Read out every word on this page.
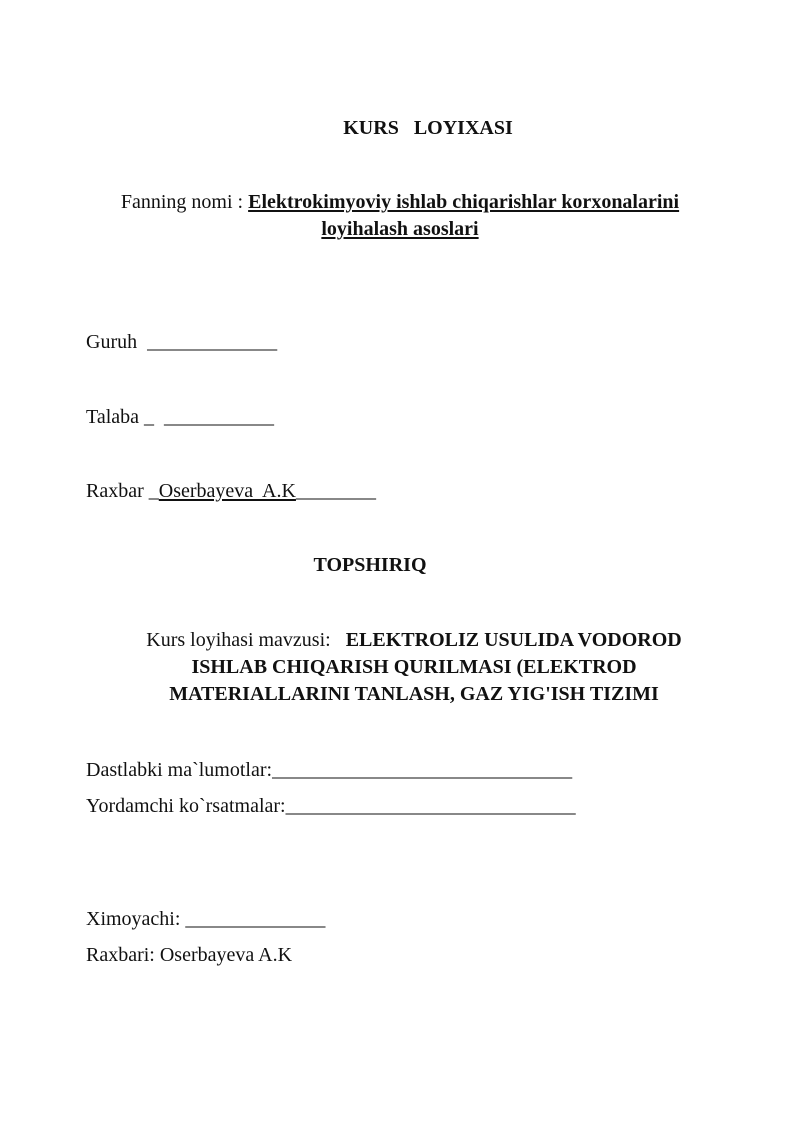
KURS   LOYIXASI
Fanning nomi : Elektrokimyoviy ishlab chiqarishlar korxonalarini
loyihalash asoslari
Guruh  _____________
Talaba _  ___________
Raxbar _Oserbayeva  A.K________
TOPSHIRIQ
Kurs loyihasi mavzusi:   ELEKTROLIZ USULIDA VODOROD
ISHLAB CHIQARISH QURILMASI (ELEKTROD
MATERIALLARINI TANLASH, GAZ YIG'ISH TIZIMI
Dastlabki ma`lumotlar:______________________________
Yordamchi ko`rsatmalar:_____________________________
Ximoyachi: ______________
Raxbari: Oserbayeva A.K
